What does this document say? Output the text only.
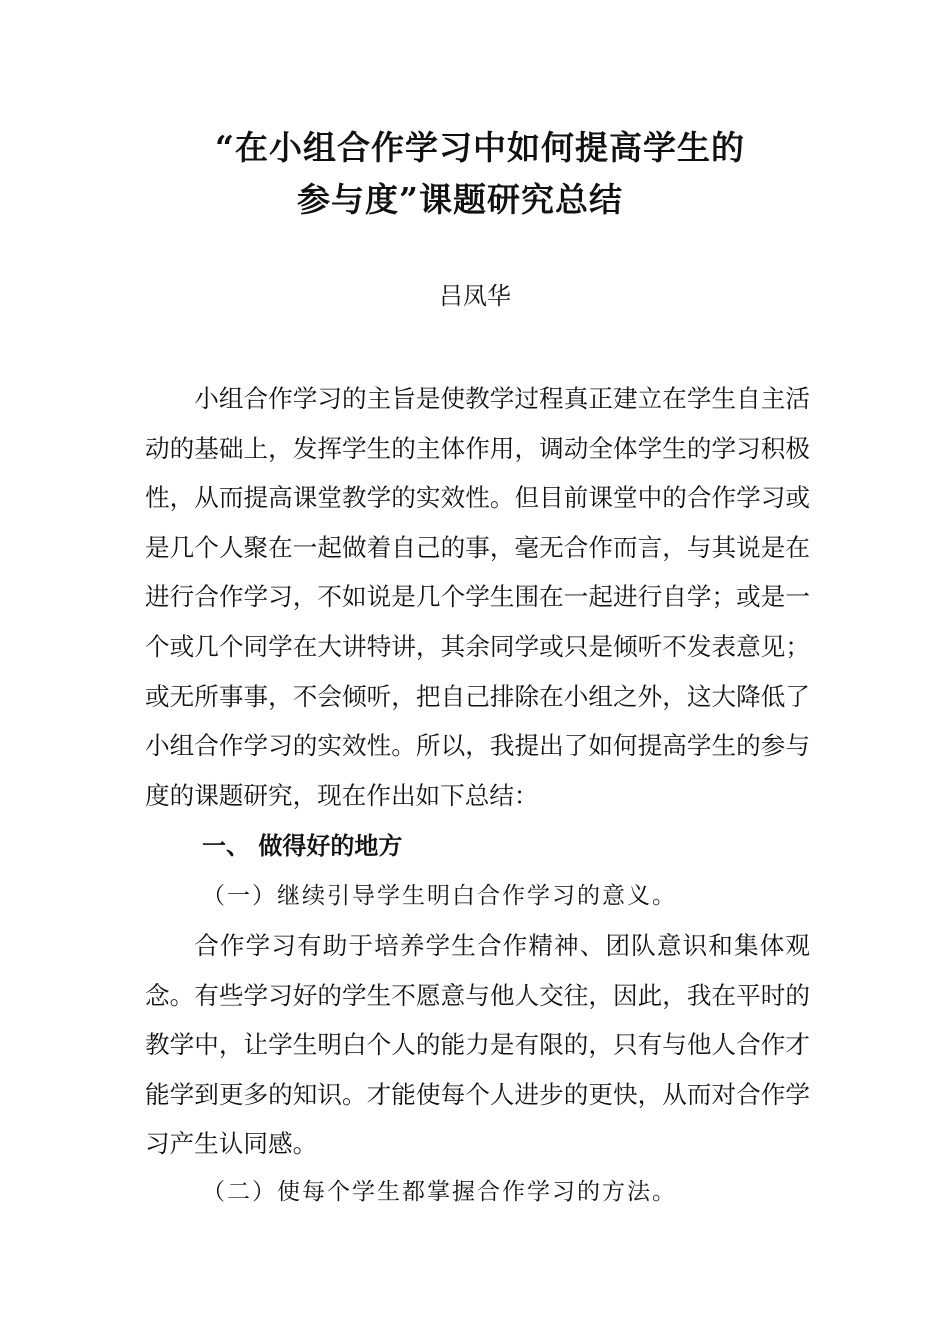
“在小组合作学习中如何提高学生的
参与度”课题研究总结
吕凤华

小组合作学习的主旨是使教学过程真正建立在学生自主活动的基础上，发挥学生的主体作用，调动全体学生的学习积极性，从而提高课堂教学的实效性。但目前课堂中的合作学习或是几个人聚在一起做着自己的事，毫无合作而言，与其说是在进行合作学习，不如说是几个学生围在一起进行自学；或是一个或几个同学在大讲特讲，其余同学或只是倾听不发表意见；或无所事事，不会倾听，把自己排除在小组之外，这大降低了小组合作学习的实效性。所以，我提出了如何提高学生的参与度的课题研究，现在作出如下总结：

一、 做得好的地方
（一）继续引导学生明白合作学习的意义。

合作学习有助于培养学生合作精神、团队意识和集体观念。有些学习好的学生不愿意与他人交往，因此，我在平时的教学中，让学生明白个人的能力是有限的，只有与他人合作才能学到更多的知识。才能使每个人进步的更快，从而对合作学习产生认同感。

（二）使每个学生都掌握合作学习的方法。
